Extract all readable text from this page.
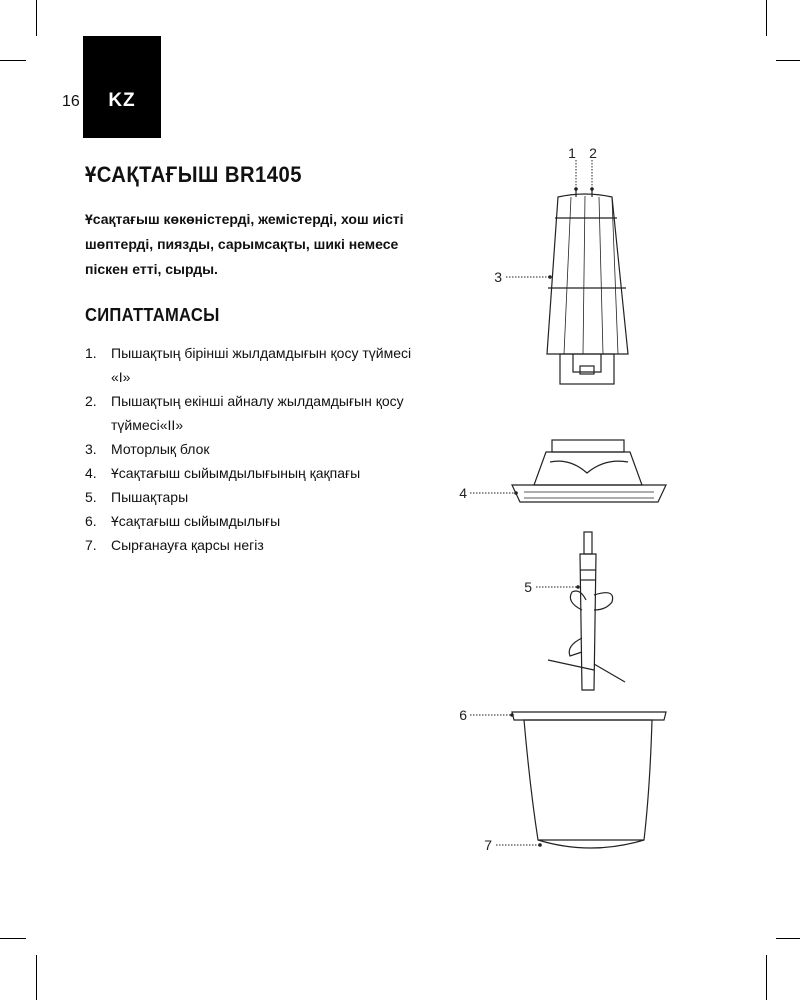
16 KZ
ҰСАҚТАҒЫШ BR1405

Ұсақтағыш көкөністерді, жемістерді, хош иісті шөптерді, пиязды, сарымсақты, шикі немесе піскен етті, сырды.

СИПАТТАМАСЫ
1.	Пышақтың бірінші жылдамдығын қосу түймесі «I»
2.	Пышақтың екінші айналу жылдамдығын қосу түймесі«II»
3.	Моторлық блок
4.	Ұсақтағыш сыйымдылығының қақпағы
5.	Пышақтары
6.	Ұсақтағыш сыйымдылығы
7.	Сырғанауға қарсы негіз
1 2
3
4
5
6
7
